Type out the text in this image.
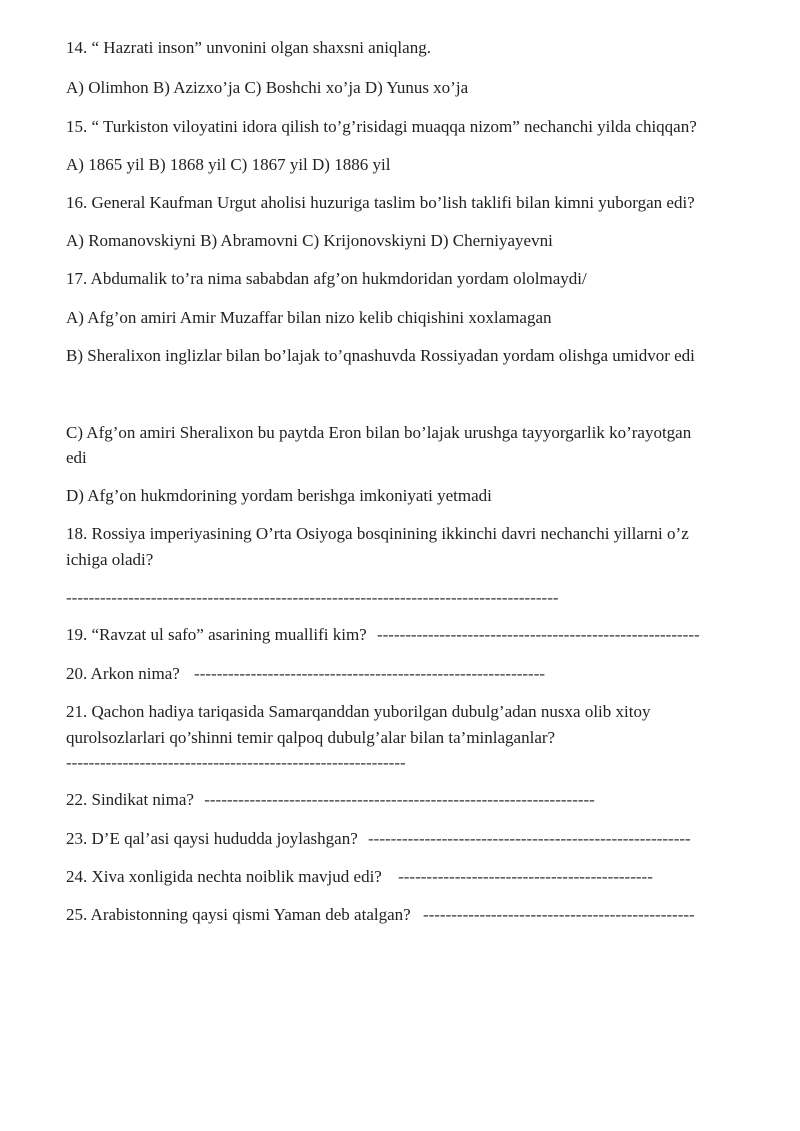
14. “ Hazrati inson” unvonini olgan shaxsni aniqlang.
A) Olimhon B) Azizxo’ja C) Boshchi xo’ja D) Yunus xo’ja
15. “ Turkiston viloyatini idora qilish to’g’risidagi muaqqa nizom” nechanchi yilda chiqqan?
A) 1865 yil B) 1868 yil C) 1867 yil D) 1886 yil
16. General Kaufman Urgut aholisi huzuriga taslim bo’lish taklifi bilan kimni yuborgan edi?
A) Romanovskiyni B) Abramovni C) Krijonovskiyni D) Cherniyayevni
17. Abdumalik to’ra nima sababdan afg’on hukmdoridan yordam ololmaydi/
A) Afg’on amiri Amir Muzaffar bilan nizo kelib chiqishini xoxlamagan
B) Sheralixon inglizlar bilan bo’lajak to’qnashuvda Rossiyadan yordam olishga umidvor edi
C) Afg’on amiri Sheralixon bu paytda Eron bilan bo’lajak urushga tayyorgarlik ko’rayotgan
edi
D) Afg’on hukmdorining yordam berishga imkoniyati yetmadi
18. Rossiya imperiyasining O’rta Osiyoga bosqinining ikkinchi davri nechanchi yillarni o’z
ichiga oladi?
---------------------------------------------------------------------------------------
19. “Ravzat ul safo” asarining muallifi kim? ---------------------------------------------------------
20. Arkon nima? --------------------------------------------------------------
21. Qachon hadiya tariqasida Samarqanddan yuborilgan dubulg’adan nusxa olib xitoy
qurolsozlarlari qo’shinni temir qalpoq dubulg’alar bilan ta’minlaganlar?
------------------------------------------------------------
22. Sindikat nima? ---------------------------------------------------------------------
23. D’E qal’asi qaysi hududda joylashgan? ---------------------------------------------------------
24. Xiva xonligida nechta noiblik mavjud edi? ---------------------------------------------
25. Arabistonning qaysi qismi Yaman deb atalgan? ------------------------------------------------
